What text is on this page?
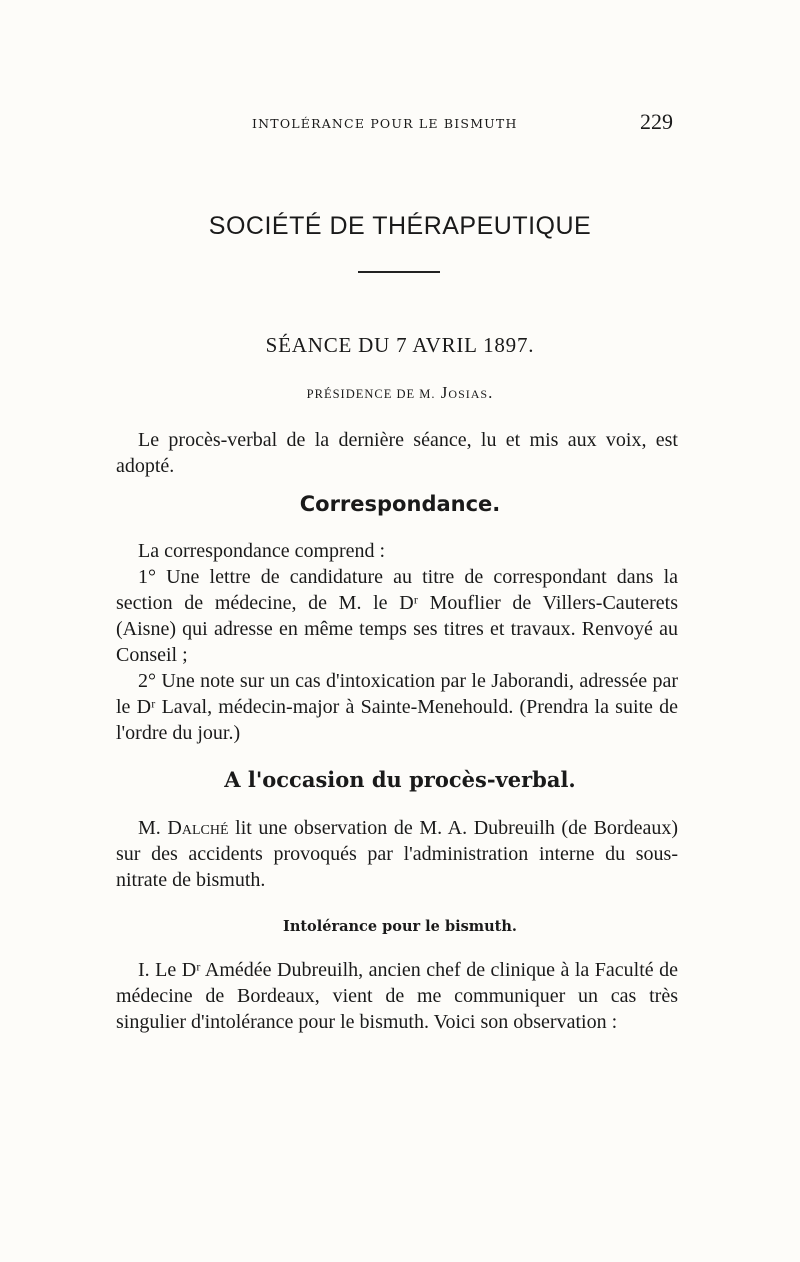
INTOLÉRANCE POUR LE BISMUTH	229
SOCIÉTÉ DE THÉRAPEUTIQUE
SÉANCE DU 7 AVRIL 1897.
PRÉSIDENCE DE M. Josias.
Le procès-verbal de la dernière séance, lu et mis aux voix, est adopté.
Correspondance.
La correspondance comprend :
1° Une lettre de candidature au titre de correspondant dans la section de médecine, de M. le Dʳ Mouflier de Villers-Cauterets (Aisne) qui adresse en même temps ses titres et travaux. Renvoyé au Conseil ;
2° Une note sur un cas d'intoxication par le Jaborandi, adressée par le Dʳ Laval, médecin-major à Sainte-Menehould. (Prendra la suite de l'ordre du jour.)
A l'occasion du procès-verbal.
M. Dalché lit une observation de M. A. Dubreuilh (de Bordeaux) sur des accidents provoqués par l'administration interne du sous-nitrate de bismuth.
Intolérance pour le bismuth.
I. Le Dʳ Amédée Dubreuilh, ancien chef de clinique à la Faculté de médecine de Bordeaux, vient de me communiquer un cas très singulier d'intolérance pour le bismuth. Voici son observation :
